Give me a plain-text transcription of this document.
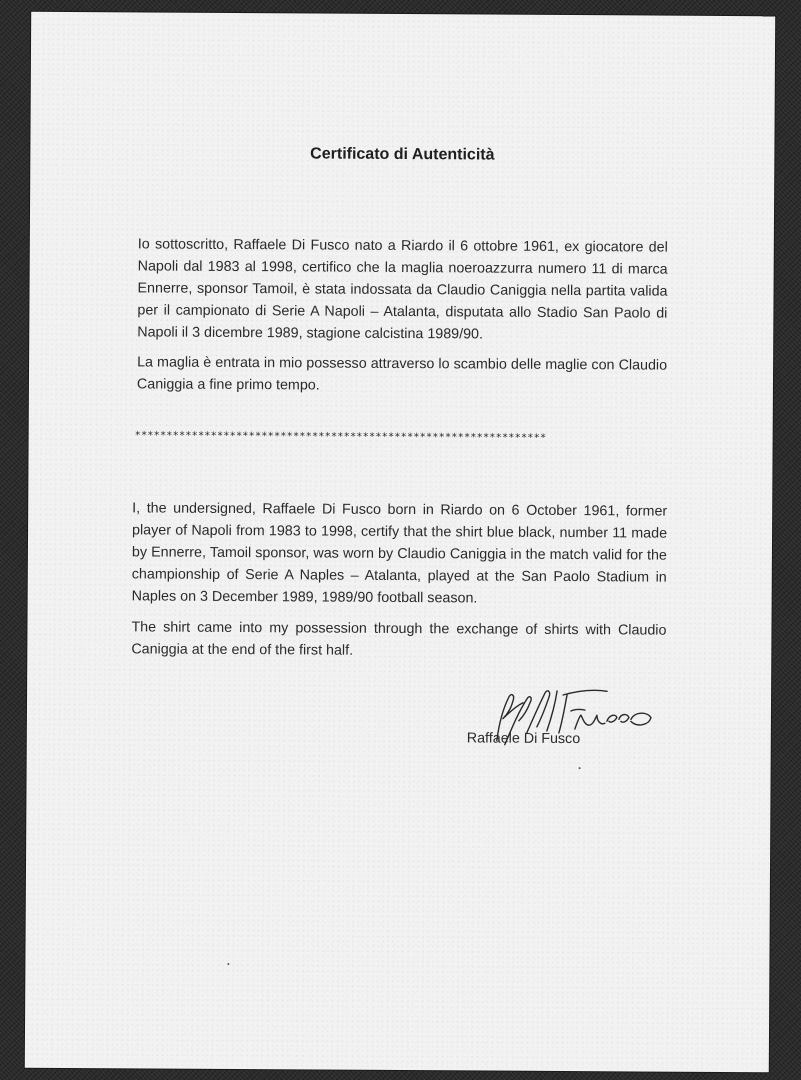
Certificato di Autenticità

Io sottoscritto, Raffaele Di Fusco nato a Riardo il 6 ottobre 1961, ex giocatore del Napoli dal 1983 al 1998, certifico che la maglia noeroazzurra numero 11 di marca Ennerre, sponsor Tamoil, è stata indossata da Claudio Caniggia nella partita valida per il campionato di Serie A Napoli – Atalanta, disputata allo Stadio San Paolo di Napoli il 3 dicembre 1989, stagione calcistina 1989/90.

La maglia è entrata in mio possesso attraverso lo scambio delle maglie con Claudio Caniggia a fine primo tempo.

*****************************************************************

I, the undersigned, Raffaele Di Fusco born in Riardo on 6 October 1961, former player of Napoli from 1983 to 1998, certify that the shirt blue black, number 11 made by Ennerre, Tamoil sponsor, was worn by Claudio Caniggia in the match valid for the championship of Serie A Naples – Atalanta, played at the San Paolo Stadium in Naples on 3 December 1989, 1989/90 football season.

The shirt came into my possession through the exchange of shirts with Claudio Caniggia at the end of the first half.

Raffaele Di Fusco
